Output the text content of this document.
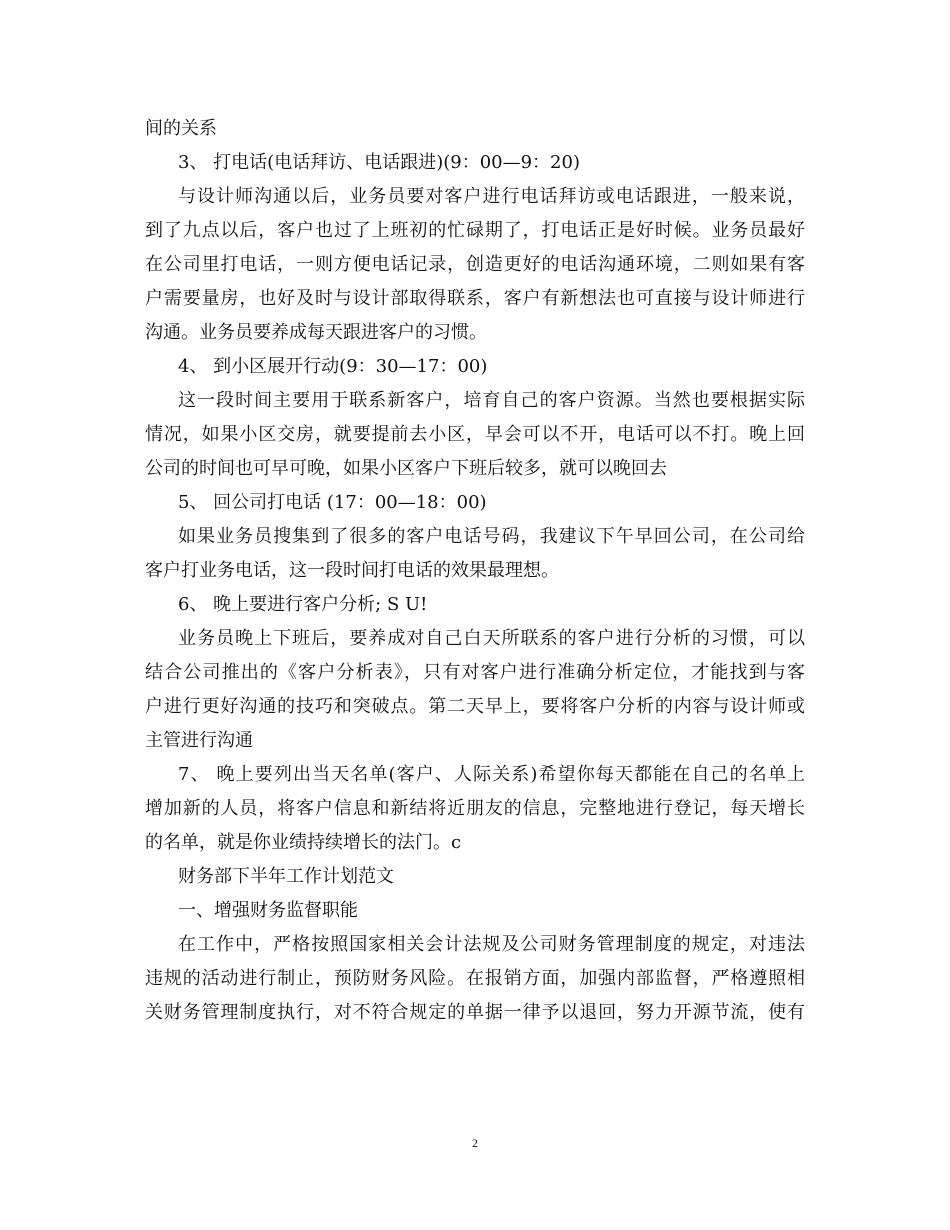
间的关系

3、 打电话(电话拜访、电话跟进)(9：00—9：20)

与设计师沟通以后，业务员要对客户进行电话拜访或电话跟进，一般来说，

到了九点以后，客户也过了上班初的忙碌期了，打电话正是好时候。业务员最好

在公司里打电话，一则方便电话记录，创造更好的电话沟通环境，二则如果有客

户需要量房，也好及时与设计部取得联系，客户有新想法也可直接与设计师进行

沟通。业务员要养成每天跟进客户的习惯。

4、 到小区展开行动(9：30—17：00)

这一段时间主要用于联系新客户，培育自己的客户资源。当然也要根据实际

情况，如果小区交房，就要提前去小区，早会可以不开，电话可以不打。晚上回

公司的时间也可早可晚，如果小区客户下班后较多，就可以晚回去

5、 回公司打电话 (17：00—18：00)

如果业务员搜集到了很多的客户电话号码，我建议下午早回公司，在公司给

客户打业务电话，这一段时间打电话的效果最理想。

6、 晚上要进行客户分析; S U!

业务员晚上下班后，要养成对自己白天所联系的客户进行分析的习惯，可以

结合公司推出的《客户分析表》，只有对客户进行准确分析定位，才能找到与客

户进行更好沟通的技巧和突破点。第二天早上，要将客户分析的内容与设计师或

主管进行沟通

7、 晚上要列出当天名单(客户、人际关系)希望你每天都能在自己的名单上

增加新的人员，将客户信息和新结将近朋友的信息，完整地进行登记，每天增长

的名单，就是你业绩持续增长的法门。c

财务部下半年工作计划范文

一、增强财务监督职能

在工作中，严格按照国家相关会计法规及公司财务管理制度的规定，对违法

违规的活动进行制止，预防财务风险。在报销方面，加强内部监督，严格遵照相

关财务管理制度执行，对不符合规定的单据一律予以退回，努力开源节流，使有

2
